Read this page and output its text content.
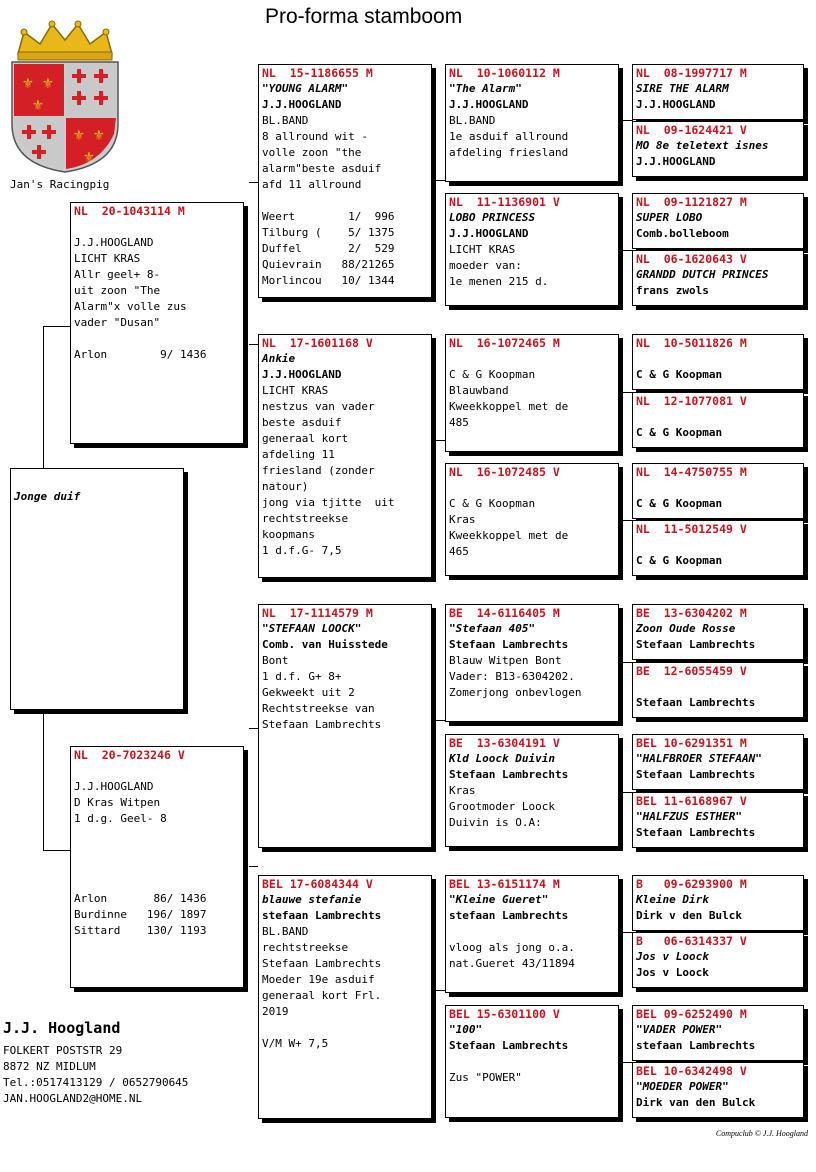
Pro-forma stamboom
⚜ ⚜
⚜
⚜ ⚜
⚜
Jan's Racingpig
Jonge duif
NL  20-1043114 M
J.J.HOOGLAND
LICHT KRAS
Allr geel+ 8-
uit zoon "The
Alarm"x volle zus
vader "Dusan"
Arlon        9/ 1436
NL  20-7023246 V
J.J.HOOGLAND
D Kras Witpen
1 d.g. Geel- 8
Arlon       86/ 1436
Burdinne   196/ 1897
Sittard    130/ 1193
NL  15-1186655 M
"YOUNG ALARM"
J.J.HOOGLAND
BL.BAND
8 allround wit -
volle zoon "the
alarm"beste asduif
afd 11 allround
Weert        1/  996
Tilburg (    5/ 1375
Duffel       2/  529
Quievrain   88/21265
Morlincou   10/ 1344
NL  17-1601168 V
Ankie
J.J.HOOGLAND
LICHT KRAS
nestzus van vader
beste asduif
generaal kort
afdeling 11
friesland (zonder
natour)
jong via tjitte  uit
rechtstreekse
koopmans
1 d.f.G- 7,5
NL  17-1114579 M
"STEFAAN LOOCK"
Comb. van Huisstede
Bont
1 d.f. G+ 8+
Gekweekt uit 2
Rechtstreekse van
Stefaan Lambrechts
BEL 17-6084344 V
blauwe stefanie
stefaan Lambrechts
BL.BAND
rechtstreekse
Stefaan Lambrechts
Moeder 19e asduif
generaal kort Frl.
2019
V/M W+ 7,5
NL  10-1060112 M
"The Alarm"
J.J.HOOGLAND
BL.BAND
1e asduif allround
afdeling friesland
NL  11-1136901 V
LOBO PRINCESS
J.J.HOOGLAND
LICHT KRAS
moeder van:
1e menen 215 d.
NL  16-1072465 M
C & G Koopman
Blauwband
Kweekkoppel met de
485
NL  16-1072485 V
C & G Koopman
Kras
Kweekkoppel met de
465
BE  14-6116405 M
"Stefaan 405"
Stefaan Lambrechts
Blauw Witpen Bont
Vader: B13-6304202.
Zomerjong onbevlogen
BE  13-6304191 V
Kld Loock Duivin
Stefaan Lambrechts
Kras
Grootmoder Loock
Duivin is O.A:
BEL 13-6151174 M
"Kleine Gueret"
stefaan Lambrechts
vloog als jong o.a.
nat.Gueret 43/11894
BEL 15-6301100 V
"100"
Stefaan Lambrechts
Zus "POWER"
NL  08-1997717 M
SIRE THE ALARM
J.J.HOOGLAND
NL  09-1624421 V
MO 8e teletext isnes
J.J.HOOGLAND
NL  09-1121827 M
SUPER LOBO
Comb.bolleboom
NL  06-1620643 V
GRANDD DUTCH PRINCES
frans zwols
NL  10-5011826 M
C & G Koopman
NL  12-1077081 V
C & G Koopman
NL  14-4750755 M
C & G Koopman
NL  11-5012549 V
C & G Koopman
BE  13-6304202 M
Zoon Oude Rosse
Stefaan Lambrechts
BE  12-6055459 V
Stefaan Lambrechts
BEL 10-6291351 M
"HALFBROER STEFAAN"
Stefaan Lambrechts
BEL 11-6168967 V
"HALFZUS ESTHER"
Stefaan Lambrechts
B   09-6293900 M
Kleine Dirk
Dirk v den Bulck
B   06-6314337 V
Jos v Loock
Jos v Loock
BEL 09-6252490 M
"VADER POWER"
stefaan Lambrechts
BEL 10-6342498 V
"MOEDER POWER"
Dirk van den Bulck
J.J. Hoogland
FOLKERT POSTSTR 29
8872 NZ MIDLUM
Tel.:0517413129 / 0652790645
JAN.HOOGLAND2@HOME.NL
Compuclub © J.J. Hoogland
